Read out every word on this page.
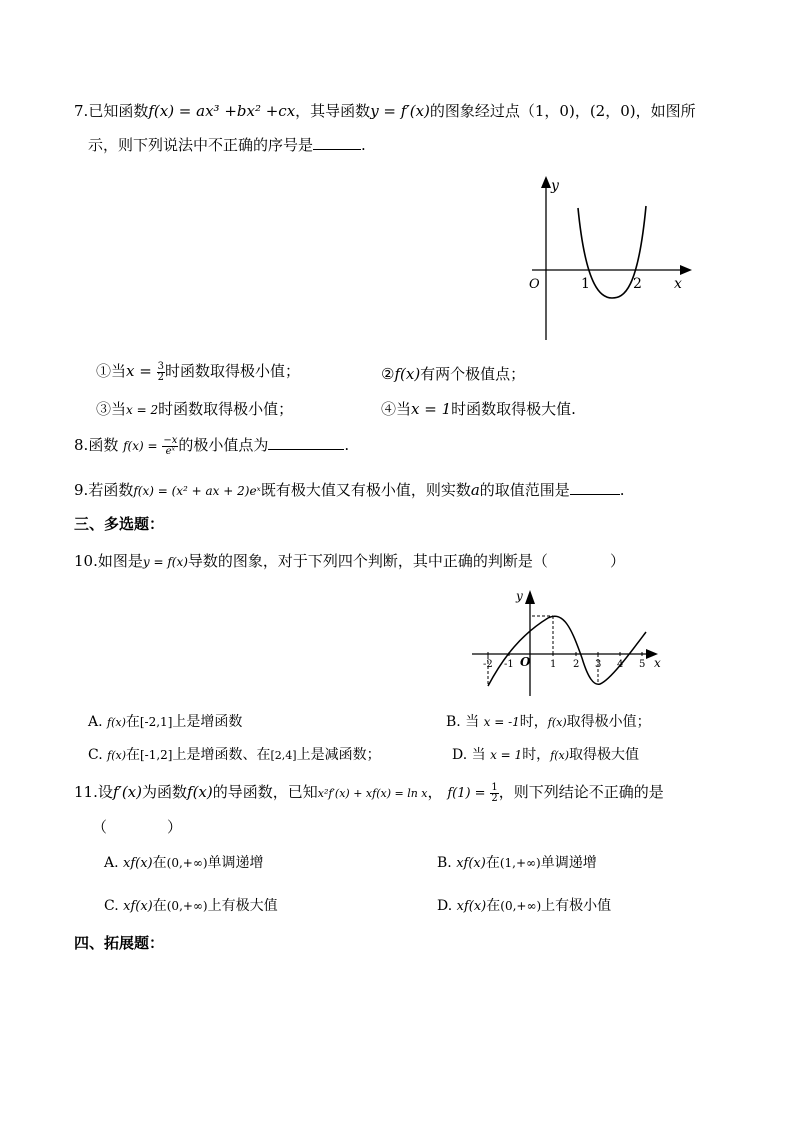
7.已知函数f(x) = ax³ +bx² +cx，其导函数y = f′(x)的图象经过点（1，0)，(2，0)，如图所
示，则下列说法中不正确的序号是	.
y
O	1	2 x
①当$x = \frac{3}{2}$ 时函数取得极小值；	②f(x)有两个极值点；
③当x = 2时函数取得极小值；	④当x = 1时函数取得极大值.
8.函数 $f(x) = \frac{-x}{\text{eˣ}}$ 的极小值点为	.
9.若函数f(x) = (x² + ax + 2)eˣ既有极大值又有极小值，则实数a的取值范围是	.
三、多选题：
10.如图是y = f(x)导数的图象，对于下列四个判断，其中正确的判断是（	）
y
O
-2 -1	1 2 3 4 5 x
A. f(x)在[-2,1]上是增函数	B. 当 x = -1时，f(x)取得极小值；
C. f(x)在[-1,2]上是增函数、在[2,4]上是减函数；	D. 当 x = 1时，f(x)取得极大值
11.设f′(x)为函数f(x)的导函数，已知x²f′(x) + xf(x) = ln x， $f(1) = \frac{1}{2}$ ，则下列结论不正确的是
（　　　　）
A. xf(x)在(0,+∞)单调递增	B. xf(x)在(1,+∞)单调递增
C. xf(x)在(0,+∞)上有极大值	D. xf(x)在(0,+∞)上有极小值
四、拓展题：
